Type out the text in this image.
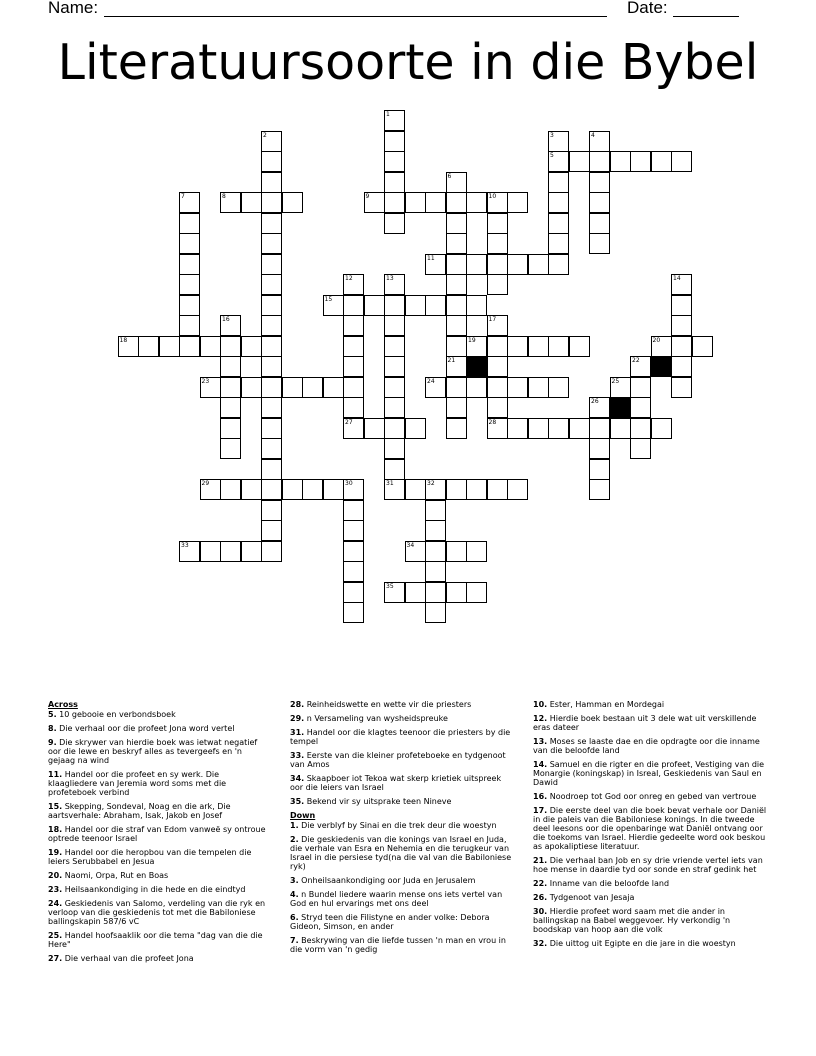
Name:	Date:
Literatuursoorte in die Bybel
1
2	3
5
4
6
21
7	8	9	10
11
12
27
13	14
15
16	17
18	19	20
22
23	24	25
26
28
29	30	31	32
33	34
35
Across
5. 10 gebooie en verbondsboek
8. Die verhaal oor die profeet Jona word vertel
9. Die skrywer van hierdie boek was ietwat negatief oor die lewe en beskryf alles as tevergeefs en 'n gejaag na wind
11. Handel oor die profeet en sy werk. Die klaagliedere van Jeremia word soms met die profeteboek verbind
15. Skepping, Sondeval, Noag en die ark, Die aartsverhale: Abraham, Isak, Jakob en Josef
18. Handel oor die straf van Edom vanweë sy ontroue optrede teenoor Israel
19. Handel oor die heropbou van die tempelen die leiers Serubbabel en Jesua
20. Naomi, Orpa, Rut en Boas
23. Heilsaankondiging in die hede en die eindtyd
24. Geskiedenis van Salomo, verdeling van die ryk en verloop van die geskiedenis tot met die Babiloniese ballingskapin 587/6 vC
25. Handel hoofsaaklik oor die tema "dag van die die Here"
27. Die verhaal van die profeet Jona
28. Reinheidswette en wette vir die priesters
29. n Versameling van wysheidspreuke
31. Handel oor die klagtes teenoor die priesters by die tempel
33. Eerste van die kleiner profeteboeke en tydgenoot van Amos
34. Skaapboer iot Tekoa wat skerp krietiek uitspreek oor die leiers van Israel
35. Bekend vir sy uitsprake teen Nineve
Down
1. Die verblyf by Sinai en die trek deur die woestyn
2. Die geskiedenis van die konings van Israel en Juda, die verhale van Esra en Nehemia en die terugkeur van Israel in die persiese tyd(na die val van die Babiloniese ryk)
3. Onheilsaankondiging oor Juda en Jerusalem
4. n Bundel liedere waarin mense ons iets vertel van God en hul ervarings met ons deel
6. Stryd teen die Filistyne en ander volke: Debora Gideon, Simson, en ander
7. Beskrywing van die liefde tussen 'n man en vrou in die vorm van 'n gedig
10. Ester, Hamman en Mordegai
12. Hierdie boek bestaan uit 3 dele wat uit verskillende eras dateer
13. Moses se laaste dae en die opdragte oor die inname van die beloofde land
14. Samuel en die rigter en die profeet, Vestiging van die Monargie (koningskap) in Isreal, Geskiedenis van Saul en Dawid
16. Noodroep tot God oor onreg en gebed van vertroue
17. Die eerste deel van die boek bevat verhale oor Daniël in die paleis van die Babiloniese konings. In die tweede deel leesons oor die openbaringe wat Daniël ontvang oor die toekoms van Israel. Hierdie gedeelte word ook beskou as apokaliptiese literatuur.
21. Die verhaal ban Job en sy drie vriende vertel iets van hoe mense in daardie tyd oor sonde en straf gedink het
22. Inname van die beloofde land
26. Tydgenoot van Jesaja
30. Hierdie profeet word saam met die ander in ballingskap na Babel weggevoer. Hy verkondig 'n boodskap van hoop aan die volk
32. Die uittog uit Egipte en die jare in die woestyn
